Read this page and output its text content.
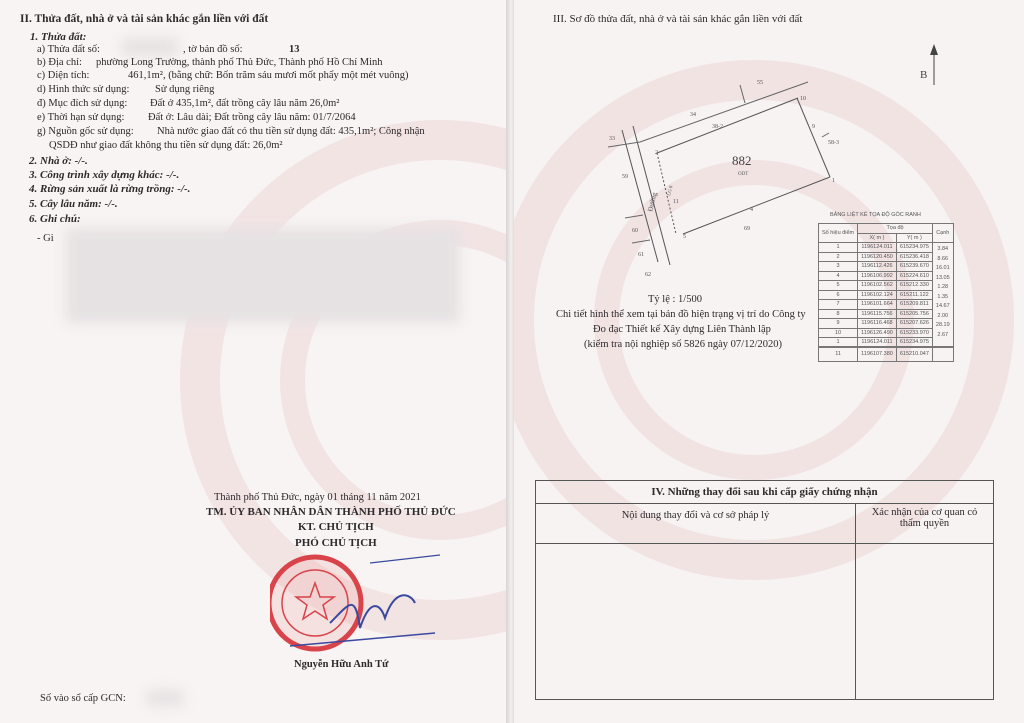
II. Thửa đất, nhà ở và tài sản khác gắn liền với đất
1. Thửa đất:
a) Thửa đất số:	, tờ bản đồ số:	13
b) Địa chỉ: phường Long Trường, thành phố Thủ Đức, Thành phố Hồ Chí Minh
c) Diện tích:	461,1m², (bằng chữ: Bốn trăm sáu mươi mốt phẩy một mét vuông)
d) Hình thức sử dụng: Sử dụng riêng
đ) Mục đích sử dụng: Đất ở 435,1m², đất trồng cây lâu năm 26,0m²
e) Thời hạn sử dụng: Đất ở: Lâu dài; Đất trồng cây lâu năm: 01/7/2064
g) Nguồn gốc sử dụng: Nhà nước giao đất có thu tiền sử dụng đất: 435,1m²; Công nhận
QSDĐ như giao đất không thu tiền sử dụng đất: 26,0m²
2. Nhà ở: -/-.
3. Công trình xây dựng khác: -/-.
4. Rừng sản xuất là rừng trồng: -/-.
5. Cây lâu năm: -/-.
6. Ghi chú:
- Gi
Thành phố Thủ Đức, ngày 01 tháng 11 năm 2021
TM. ỦY BAN NHÂN DÂN THÀNH PHỐ THỦ ĐỨC
KT. CHỦ TỊCH
PHÓ CHỦ TỊCH
Nguyễn Hữu Anh Tứ
Số vào sổ cấp GCN:
III. Sơ đồ thửa đất, nhà ở và tài sản khác gắn liền với đất
55
34
38-2
58-3
33
59
60
61
62
69
10
9
1
2
4
5
11
B
882
ODT
Đường
LG 8
Tỷ lệ : 1/500
Chi tiết hình thể xem tại bản đồ hiện trạng vị trí do Công ty
Đo đạc Thiết kế Xây dựng Liên Thành lập
(kiểm tra nội nghiệp số 5826 ngày 07/12/2020)
BẢNG LIỆT KÊ TỌA ĐỘ GÓC RANH
Số hiệu điểm	Tọa độ		Cạnh
	X( m )	Y( m )	
1	1196124.011	615234.975	3.84
2	1196120.450	615236.418	8.66
3	1196112.426	615239.670	16.01
4	1196106.992	615224.610	13.05
5	1196102.562	615212.330	1.28
6	1196102.124	615211.122	1.35
7	1196101.664	615209.811	14.67
8	1196115.756	615205.756	2.00
9	1196116.468	615207.626	28.19
10	1196126.490	615233.970	2.67
1	1196124.011	615234.975	
11	1196107.380	615210.047	
IV. Những thay đổi sau khi cấp giấy chứng nhận
Nội dung thay đổi và cơ sở pháp lý	Xác nhận của cơ quan có thẩm quyền
